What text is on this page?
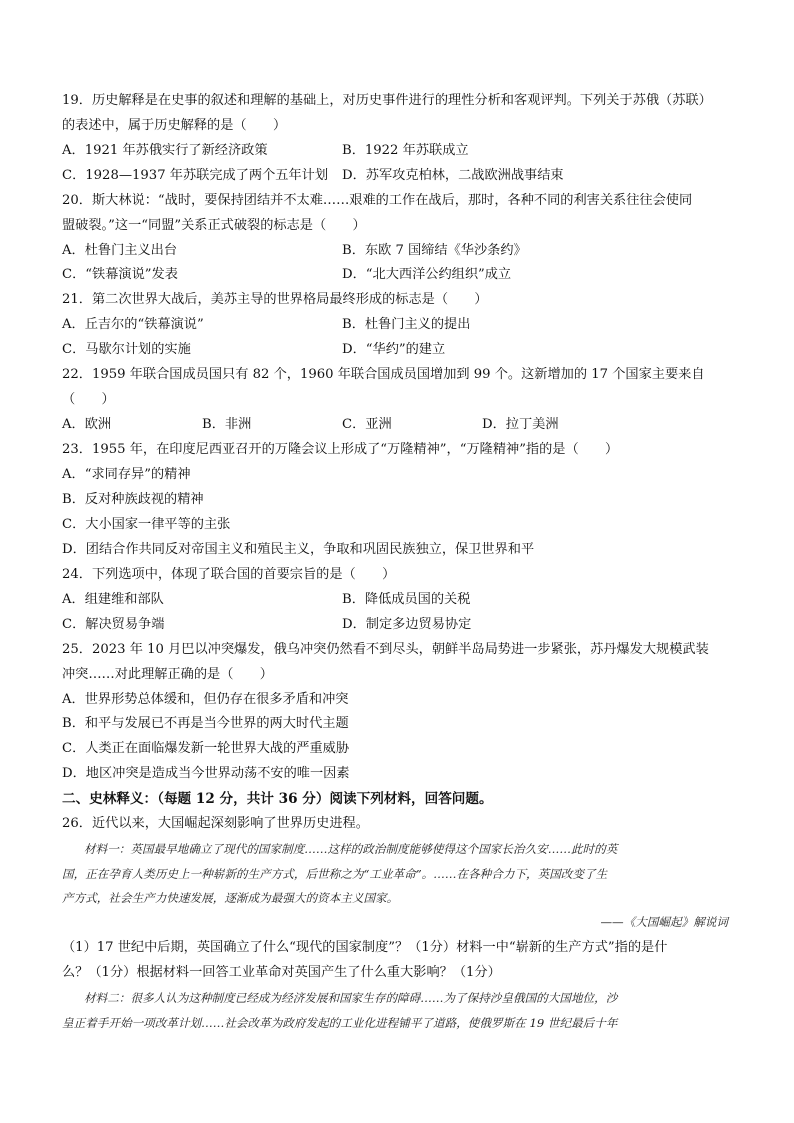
19．历史解释是在史事的叙述和理解的基础上，对历史事件进行的理性分析和客观评判。下列关于苏俄（苏联）
的表述中，属于历史解释的是（　　）
A．1921 年苏俄实行了新经济政策	B．1922 年苏联成立
C．1928—1937 年苏联完成了两个五年计划 D．苏军攻克柏林，二战欧洲战事结束
20．斯大林说：“战时，要保持团结并不太难……艰难的工作在战后，那时，各种不同的利害关系往往会使同
盟破裂。”这一“同盟”关系正式破裂的标志是（　　）
A．杜鲁门主义出台	B．东欧 7 国缔结《华沙条约》
C．“铁幕演说”发表	D．“北大西洋公约组织”成立
21．第二次世界大战后，美苏主导的世界格局最终形成的标志是（　　）
A．丘吉尔的“铁幕演说”	B．杜鲁门主义的提出
C．马歇尔计划的实施	D．“华约”的建立
22．1959 年联合国成员国只有 82 个，1960 年联合国成员国增加到 99 个。这新增加的 17 个国家主要来自
（　　）
A．欧洲	B．非洲	C．亚洲	D．拉丁美洲
23．1955 年，在印度尼西亚召开的万隆会议上形成了“万隆精神”，“万隆精神”指的是（　　）
A．“求同存异”的精神
B．反对种族歧视的精神
C．大小国家一律平等的主张
D．团结合作共同反对帝国主义和殖民主义，争取和巩固民族独立，保卫世界和平
24．下列选项中，体现了联合国的首要宗旨的是（　　）
A．组建维和部队	B．降低成员国的关税
C．解决贸易争端	D．制定多边贸易协定
25．2023 年 10 月巴以冲突爆发，俄乌冲突仍然看不到尽头，朝鲜半岛局势进一步紧张，苏丹爆发大规模武装
冲突……对此理解正确的是（　　）
A．世界形势总体缓和，但仍存在很多矛盾和冲突
B．和平与发展已不再是当今世界的两大时代主题
C．人类正在面临爆发新一轮世界大战的严重威胁
D．地区冲突是造成当今世界动荡不安的唯一因素
二、史林释义：（每题 12 分，共计 36 分）阅读下列材料，回答问题。
26．近代以来，大国崛起深刻影响了世界历史进程。
材料一：英国最早地确立了现代的国家制度……这样的政治制度能够使得这个国家长治久安……此时的英
国，正在孕育人类历史上一种崭新的生产方式，后世称之为“工业革命”。……在各种合力下，英国改变了生
产方式，社会生产力快速发展，逐渐成为最强大的资本主义国家。
——《大国崛起》解说词
（1）17 世纪中后期，英国确立了什么“现代的国家制度”？（1分）材料一中“崭新的生产方式”指的是什
么？（1分）根据材料一回答工业革命对英国产生了什么重大影响？（1分）
材料二：很多人认为这种制度已经成为经济发展和国家生存的障碍……为了保持沙皇俄国的大国地位，沙
皇正着手开始一项改革计划……社会改革为政府发起的工业化进程铺平了道路，使俄罗斯在 19 世纪最后十年
